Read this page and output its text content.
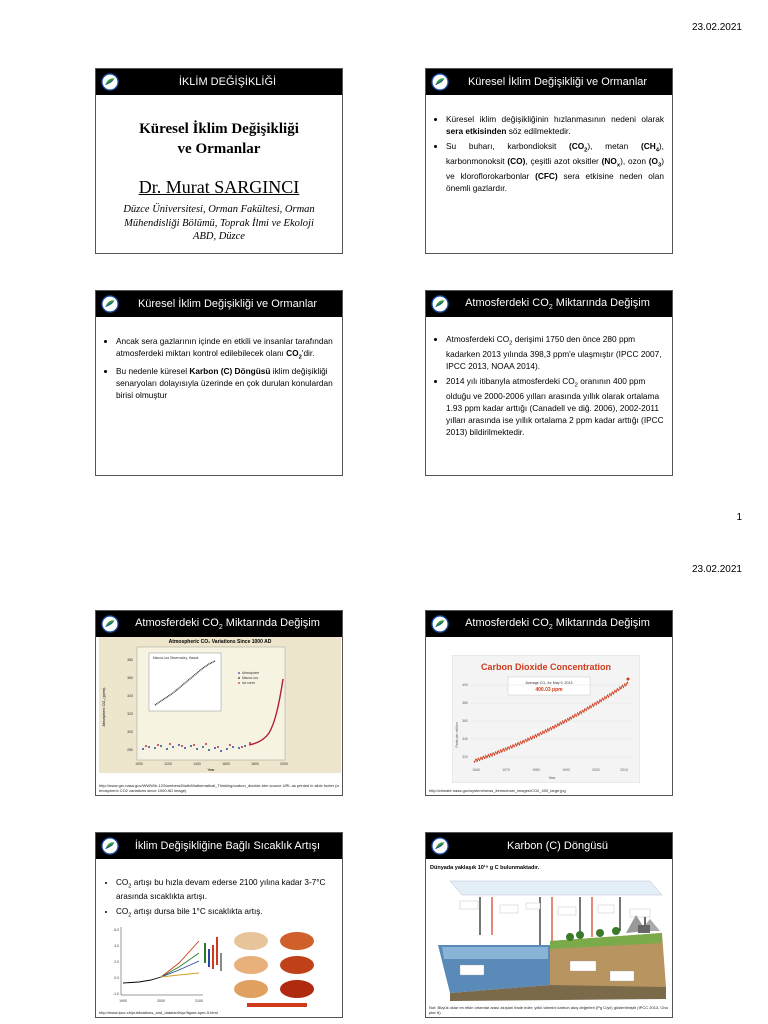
23.02.2021
İKLİM DEĞİŞİKLİĞİ
Küresel İklim Değişikliği
ve Ormanlar
Dr. Murat SARGINCI
Düzce Üniversitesi, Orman Fakültesi, Orman
Mühendisliği Bölümü, Toprak İlmi ve Ekoloji
ABD, Düzce
Küresel İklim Değişikliği ve Ormanlar
• Küresel iklim değişikliğinin hızlanmasının nedeni olarak sera etkisinden söz edilmektedir.
• Su buharı, karbondioksit $(CO_2)$, metan $(CH_4)$, karbonmonoksit (CO), çeşitli azot oksitler $(NO_x)$, ozon $(O_3)$ ve kloroflorokarbonlar (CFC) sera etkisine neden olan önemli gazlardır.
Küresel İklim Değişikliği ve Ormanlar
• Ancak sera gazlarının içinde en etkili ve insanlar tarafından atmosferdeki miktarı kontrol edilebilecek olanı $CO_2'dir$.
• Bu nedenle küresel Karbon (C) Döngüsü iklim değişikliği senaryoları dolayısıyla üzerinde en çok durulan konulardan birisi olmuştur
Atmosferdeki $CO_2$ Miktarında Değişim
• Atmosferdeki $CO_2$ derişimi 1750 den önce 280 ppm kadarken 2013 yılında 398,3 ppm'e ulaşmıştır (IPCC 2007, IPCC 2013, NOAA 2014).
• 2014 yılı itibanyla atmosferdeki $CO_2$ oranının 400 ppm olduğu ve 2000-2006 yılları arasında yıllık olarak ortalama 1.93 ppm kadar arttığı (Canadell ve diğ. 2006), 2002-2011 yılları arasında ise yıllık ortalama 2 ppm kadar arttığı (IPCC 2013) bildirilmektedir.
1
23.02.2021
Atmosferdeki $CO_2$ Miktarında Değişim
Atmospheric CO₂ Variations Since 1000 AD
Atmospheric CO₂ (ppmv)
Year
380
360
340
320
300
280
1000	1200	1400	1600	1800	2000
Mauna Loa Observatory, Hawaii
Atmosphere
Mauna Loa
Ice cores
http://www.grc.nasa.gov/WWW/k-12/Numbers/Math/Mathematical_Thinking/carbon_dioxide.htm source URL as printed in slide footer (atmospheric CO2 variations since 1000 AD image)
Atmosferdeki $CO_2$ Miktarında Değişim
Carbon Dioxide Concentration
Average CO₂ for May 9, 2013
400.03 ppm
Parts per million
Year
400
380
360
340
320
1960	1970	1980	1990	2000	2010
http://climate.nasa.gov/system/news_items/main_images/CO2_400_large.jpg
İklim Değişikliğine Bağlı Sıcaklık Artışı
• $CO_2$ artışı bu hızla devam ederse 2100 yılına kadar 3-7°C arasında sıcaklıkta artışı.
• $CO_2$ artışı dursa bile 1°C sıcaklıkta artış.
6.0
4.0
2.0
0.0
-1.0
1900	2000	2100
http://www.ipcc.ch/publications_and_data/ar4/syr/figure-spm-5.html
Karbon (C) Döngüsü
Dünyada yaklaşık 10¹⁹ g C bulunmaktadır.
Not: Büyük oklar en etkin ortamlar arası akışları ifade eder; yıllık tahmini karbon akış değerleri (Pg C/yıl) gösterilmiştir (IPCC 2013, Chapter 6).
